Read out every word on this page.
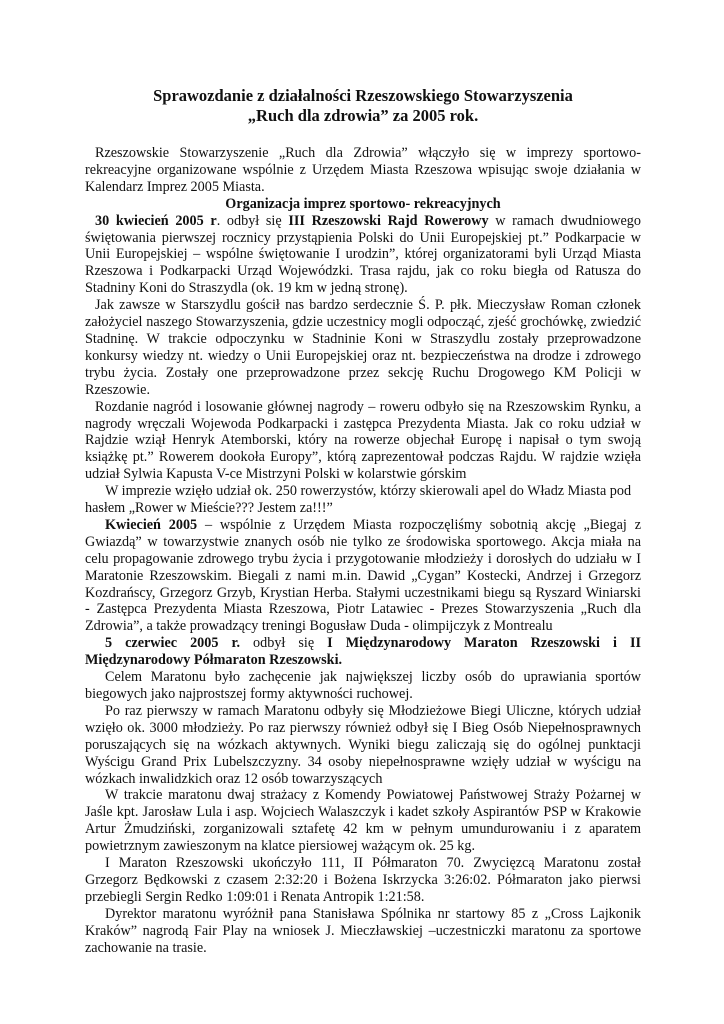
Sprawozdanie z działalności Rzeszowskiego Stowarzyszenia

„Ruch dla zdrowia” za 2005 rok.

Rzeszowskie Stowarzyszenie „Ruch dla Zdrowia” włączyło się w imprezy sportowo-rekreacyjne organizowane wspólnie z Urzędem Miasta Rzeszowa wpisując swoje działania w Kalendarz Imprez 2005 Miasta.

Organizacja imprez sportowo- rekreacyjnych

30 kwiecień 2005 r. odbył się III Rzeszowski Rajd Rowerowy w ramach dwudniowego świętowania pierwszej rocznicy przystąpienia Polski do Unii Europejskiej pt.” Podkarpacie w Unii Europejskiej – wspólne świętowanie I urodzin”, której organizatorami byli Urząd Miasta Rzeszowa i Podkarpacki Urząd Wojewódzki. Trasa rajdu, jak co roku biegła od Ratusza do Stadniny Koni do Straszydla (ok. 19 km w jedną stronę).

Jak zawsze w Starszydlu gościł nas bardzo serdecznie Ś. P. płk. Mieczysław Roman członek założyciel naszego Stowarzyszenia, gdzie uczestnicy mogli odpocząć, zjeść grochówkę, zwiedzić Stadninę. W trakcie odpoczynku w Stadninie Koni w Straszydlu zostały przeprowadzone konkursy wiedzy nt. wiedzy o Unii Europejskiej oraz nt. bezpieczeństwa na drodze i zdrowego trybu życia. Zostały one przeprowadzone przez sekcję Ruchu Drogowego KM Policji w Rzeszowie.

Rozdanie nagród i losowanie głównej nagrody – roweru odbyło się na Rzeszowskim Rynku, a nagrody wręczali Wojewoda Podkarpacki i zastępca Prezydenta Miasta. Jak co roku udział w Rajdzie wziął Henryk Atemborski, który na rowerze objechał Europę i napisał o tym swoją książkę pt.” Rowerem dookoła Europy”, którą zaprezentował podczas Rajdu. W rajdzie wzięła udział Sylwia Kapusta V-ce Mistrzyni Polski w kolarstwie górskim

W imprezie wzięło udział ok. 250 rowerzystów, którzy skierowali apel do Władz Miasta pod hasłem „Rower w Mieście??? Jestem za!!!”

Kwiecień 2005 – wspólnie z Urzędem Miasta rozpoczęliśmy sobotnią akcję „Biegaj z Gwiazdą” w towarzystwie znanych osób nie tylko ze środowiska sportowego. Akcja miała na celu propagowanie zdrowego trybu życia i przygotowanie młodzieży i dorosłych do udziału w I Maratonie Rzeszowskim. Biegali z nami m.in. Dawid „Cygan” Kostecki, Andrzej i Grzegorz Kozdrańscy, Grzegorz Grzyb, Krystian Herba. Stałymi uczestnikami biegu są Ryszard Winiarski - Zastępca Prezydenta Miasta Rzeszowa, Piotr Latawiec - Prezes Stowarzyszenia „Ruch dla Zdrowia”, a także prowadzący treningi Bogusław Duda - olimpijczyk z Montrealu

5 czerwiec 2005 r. odbył się I Międzynarodowy Maraton Rzeszowski i II Międzynarodowy Półmaraton Rzeszowski.

Celem Maratonu było zachęcenie jak największej liczby osób do uprawiania sportów biegowych jako najprostszej formy aktywności ruchowej.

Po raz pierwszy w ramach Maratonu odbyły się Młodzieżowe Biegi Uliczne, których udział wzięło ok. 3000 młodzieży. Po raz pierwszy również odbył się I Bieg Osób Niepełnosprawnych poruszających się na wózkach aktywnych. Wyniki biegu zaliczają się do ogólnej punktacji Wyścigu Grand Prix Lubelszczyzny. 34 osoby niepełnosprawne wzięły udział w wyścigu na wózkach inwalidzkich oraz 12 osób towarzyszących

W trakcie maratonu dwaj strażacy z Komendy Powiatowej Państwowej Straży Pożarnej w Jaśle kpt. Jarosław Lula i asp. Wojciech Walaszczyk i kadet szkoły Aspirantów PSP w Krakowie Artur Żmudziński, zorganizowali sztafetę 42 km w pełnym umundurowaniu i z aparatem powietrznym zawieszonym na klatce piersiowej ważącym ok. 25 kg.

I Maraton Rzeszowski ukończyło 111, II Półmaraton 70. Zwycięzcą Maratonu został Grzegorz Będkowski z czasem 2:32:20 i Bożena Iskrzycka 3:26:02. Półmaraton jako pierwsi przebiegli Sergin Redko 1:09:01 i Renata Antropik 1:21:58.

Dyrektor maratonu wyróżnił pana Stanisława Spólnika nr startowy 85 z „Cross Lajkonik Kraków” nagrodą Fair Play na wniosek J. Mieczławskiej –uczestniczki maratonu za sportowe zachowanie na trasie.
